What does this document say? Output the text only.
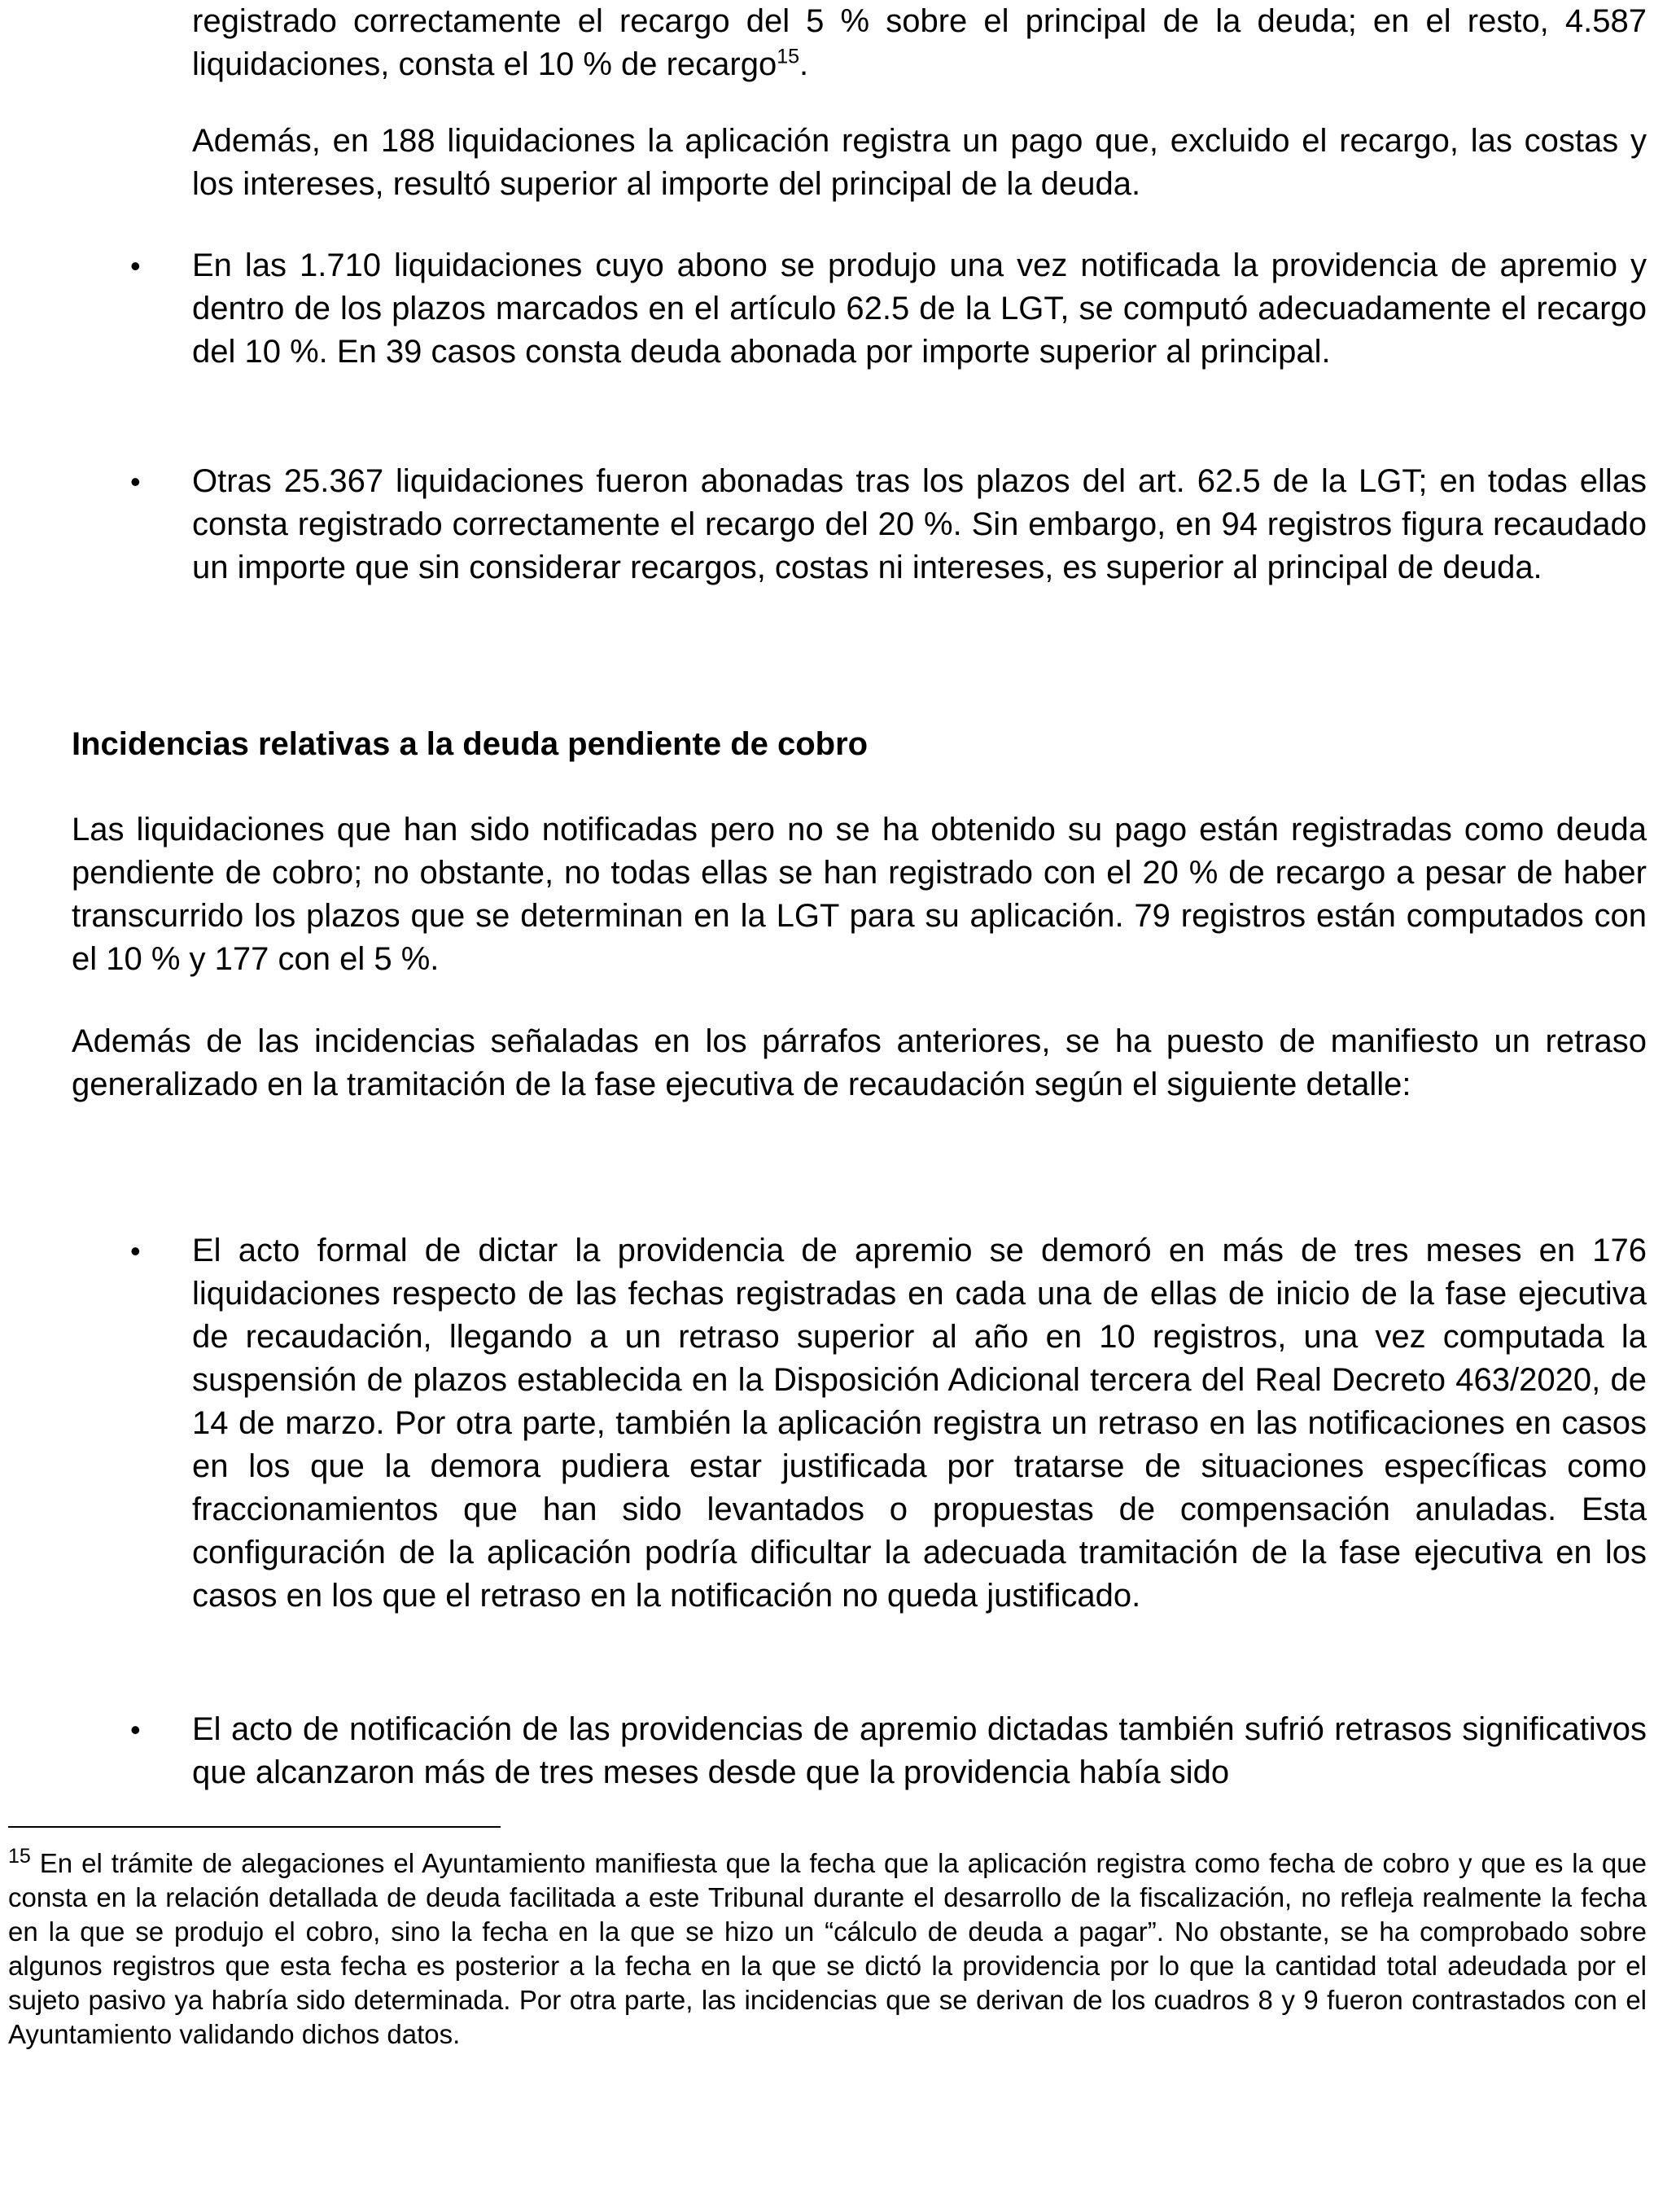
registrado correctamente el recargo del 5 % sobre el principal de la deuda; en el resto, 4.587 liquidaciones, consta el 10 % de recargo$^{15}$.

Además, en 188 liquidaciones la aplicación registra un pago que, excluido el recargo, las costas y los intereses, resultó superior al importe del principal de la deuda.

• En las 1.710 liquidaciones cuyo abono se produjo una vez notificada la providencia de apremio y dentro de los plazos marcados en el artículo 62.5 de la LGT, se computó adecuadamente el recargo del 10 %. En 39 casos consta deuda abonada por importe superior al principal.

• Otras 25.367 liquidaciones fueron abonadas tras los plazos del art. 62.5 de la LGT; en todas ellas consta registrado correctamente el recargo del 20 %. Sin embargo, en 94 registros figura recaudado un importe que sin considerar recargos, costas ni intereses, es superior al principal de deuda.

Incidencias relativas a la deuda pendiente de cobro

Las liquidaciones que han sido notificadas pero no se ha obtenido su pago están registradas como deuda pendiente de cobro; no obstante, no todas ellas se han registrado con el 20 % de recargo a pesar de haber transcurrido los plazos que se determinan en la LGT para su aplicación. 79 registros están computados con el 10 % y 177 con el 5 %.

Además de las incidencias señaladas en los párrafos anteriores, se ha puesto de manifiesto un retraso generalizado en la tramitación de la fase ejecutiva de recaudación según el siguiente detalle:

• El acto formal de dictar la providencia de apremio se demoró en más de tres meses en 176 liquidaciones respecto de las fechas registradas en cada una de ellas de inicio de la fase ejecutiva de recaudación, llegando a un retraso superior al año en 10 registros, una vez computada la suspensión de plazos establecida en la Disposición Adicional tercera del Real Decreto 463/2020, de 14 de marzo. Por otra parte, también la aplicación registra un retraso en las notificaciones en casos en los que la demora pudiera estar justificada por tratarse de situaciones específicas como fraccionamientos que han sido levantados o propuestas de compensación anuladas. Esta configuración de la aplicación podría dificultar la adecuada tramitación de la fase ejecutiva en los casos en los que el retraso en la notificación no queda justificado.

• El acto de notificación de las providencias de apremio dictadas también sufrió retrasos significativos que alcanzaron más de tres meses desde que la providencia había sido

$^{15}$ En el trámite de alegaciones el Ayuntamiento manifiesta que la fecha que la aplicación registra como fecha de cobro y que es la que consta en la relación detallada de deuda facilitada a este Tribunal durante el desarrollo de la fiscalización, no refleja realmente la fecha en la que se produjo el cobro, sino la fecha en la que se hizo un “cálculo de deuda a pagar”. No obstante, se ha comprobado sobre algunos registros que esta fecha es posterior a la fecha en la que se dictó la providencia por lo que la cantidad total adeudada por el sujeto pasivo ya habría sido determinada. Por otra parte, las incidencias que se derivan de los cuadros 8 y 9 fueron contrastados con el Ayuntamiento validando dichos datos.
